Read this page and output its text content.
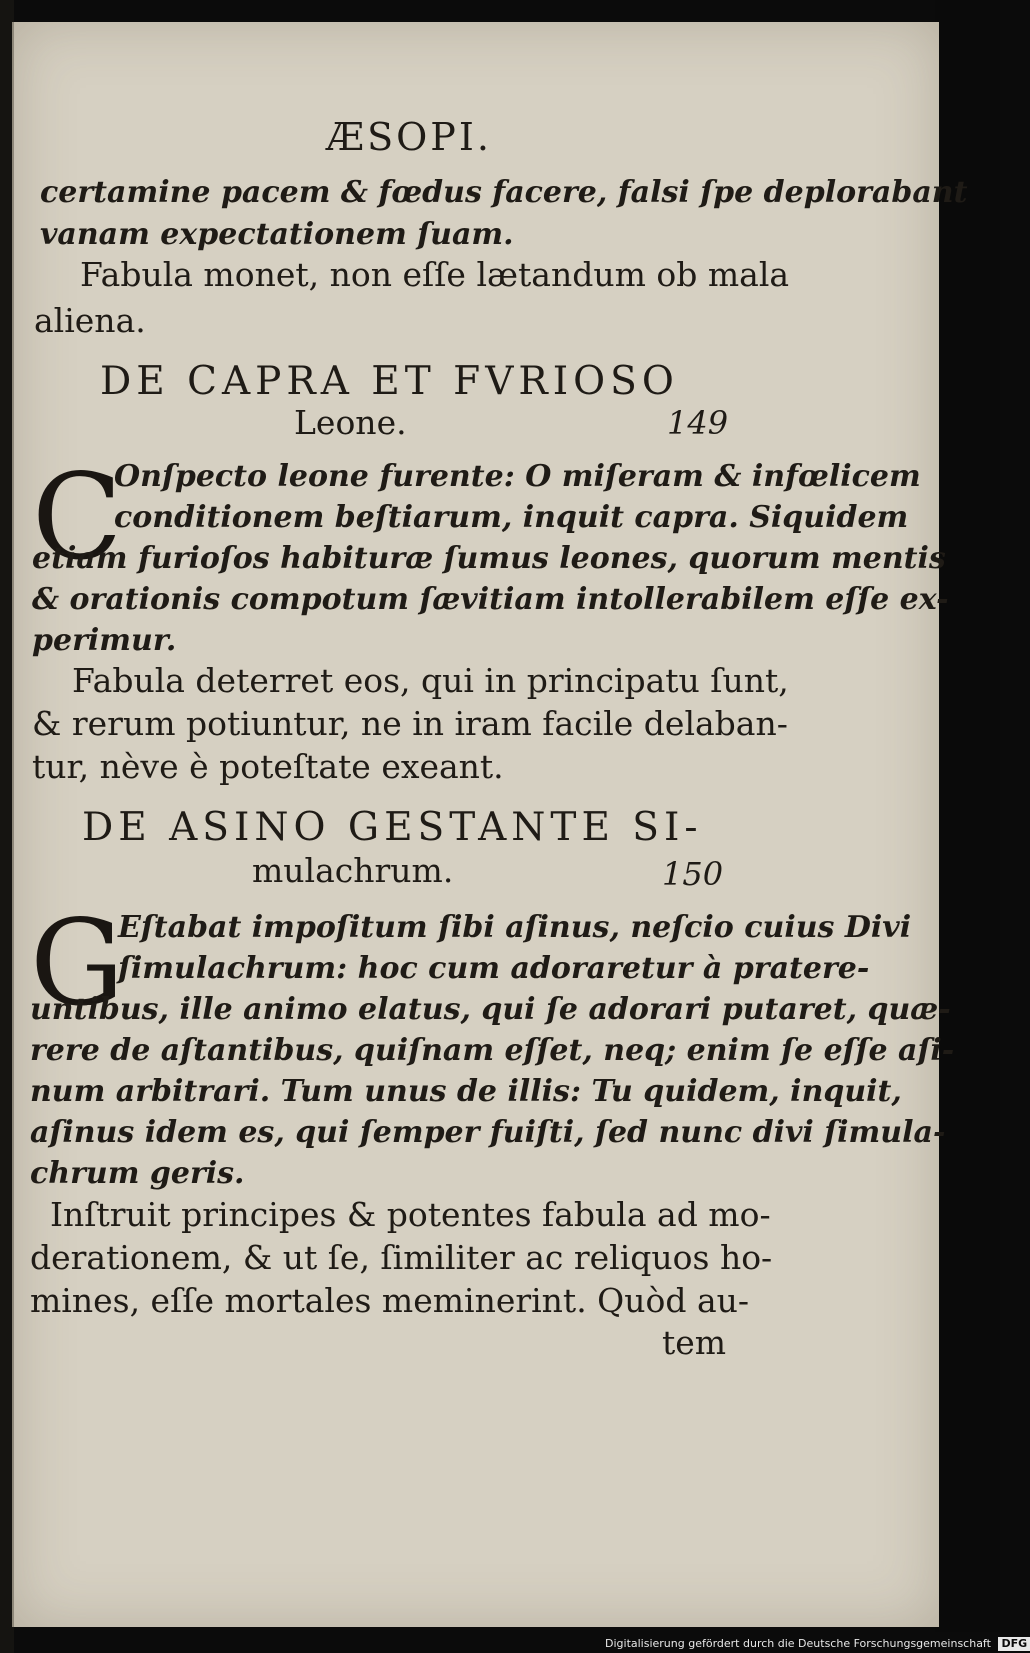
ÆSOPI.
certamine pacem & fœdus facere, falsi ſpe deplorabant
vanam expectationem ſuam.
Fabula monet, non eſſe lætandum ob mala
aliena.
DE CAPRA ET FVRIOSO
Leone.	149
C
Onſpecto leone furente: O miſeram & infœlicem
conditionem beſtiarum, inquit capra. Siquidem
etiam furioſos habituræ ſumus leones, quorum mentis
& orationis compotum ſævitiam intollerabilem eſſe ex-
perimur.
Fabula deterret eos, qui in principatu ſunt,
& rerum potiuntur, ne in iram facile delaban-
tur, nève è poteſtate exeant.
DE ASINO GESTANTE SI-
mulachrum.	150
G
Eſtabat impoſitum ſibi aſinus, neſcio cuius Divi
ſimulachrum: hoc cum adoraretur à pratere-
untibus, ille animo elatus, qui ſe adorari putaret, quæ-
rere de aſtantibus, quiſnam eſſet, neq; enim ſe eſſe aſi-
num arbitrari. Tum unus de illis: Tu quidem, inquit,
aſinus idem es, qui ſemper fuiſti, ſed nunc divi ſimula-
chrum geris.
Inſtruit principes & potentes fabula ad mo-
derationem, & ut ſe, ſimiliter ac reliquos ho-
mines, eſſe mortales meminerint. Quòd au-
tem
Digitalisierung gefördert durch die Deutsche Forschungsgemeinschaft DFG
